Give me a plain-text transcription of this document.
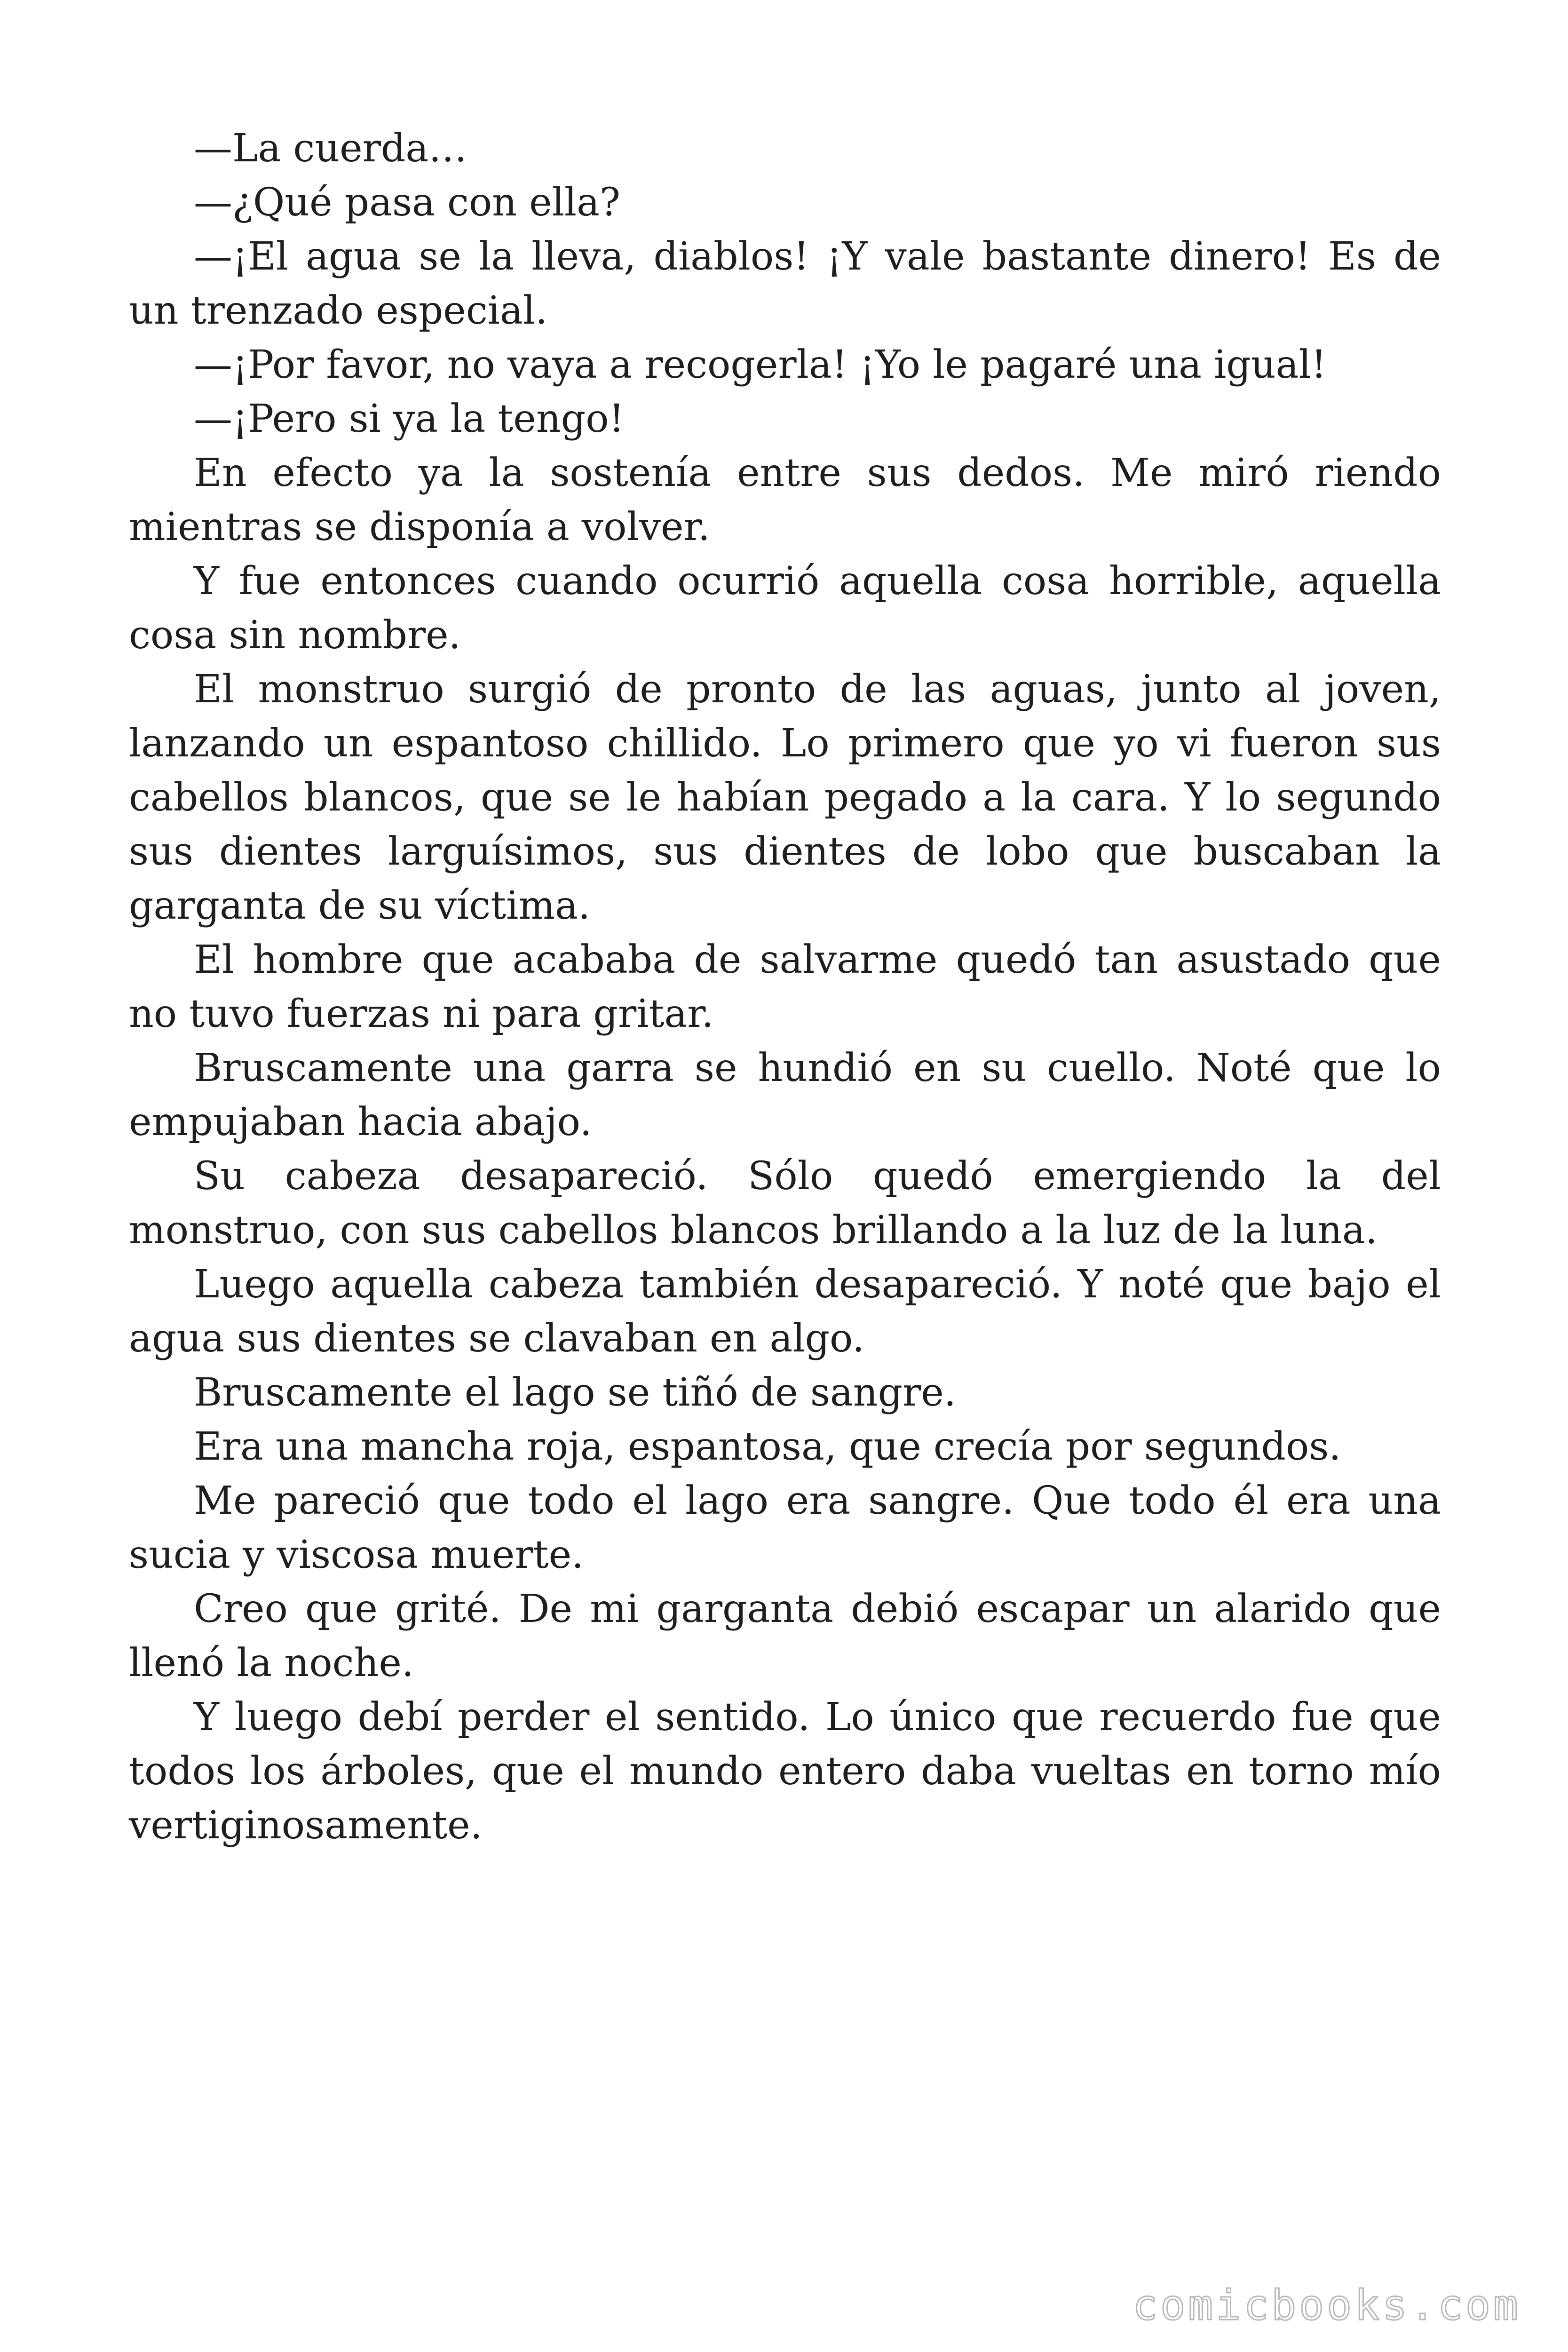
—La cuerda…

—¿Qué pasa con ella?

—¡El agua se la lleva, diablos! ¡Y vale bastante dinero! Es de un trenzado especial.

—¡Por favor, no vaya a recogerla! ¡Yo le pagaré una igual!

—¡Pero si ya la tengo!

En efecto ya la sostenía entre sus dedos. Me miró riendo mientras se disponía a volver.

Y fue entonces cuando ocurrió aquella cosa horrible, aquella cosa sin nombre.

El monstruo surgió de pronto de las aguas, junto al joven, lanzando un espantoso chillido. Lo primero que yo vi fueron sus cabellos blancos, que se le habían pegado a la cara. Y lo segundo sus dientes larguísimos, sus dientes de lobo que buscaban la garganta de su víctima.

El hombre que acababa de salvarme quedó tan asustado que no tuvo fuerzas ni para gritar.

Bruscamente una garra se hundió en su cuello. Noté que lo empujaban hacia abajo.

Su cabeza desapareció. Sólo quedó emergiendo la del monstruo, con sus cabellos blancos brillando a la luz de la luna.

Luego aquella cabeza también desapareció. Y noté que bajo el agua sus dientes se clavaban en algo.

Bruscamente el lago se tiñó de sangre.

Era una mancha roja, espantosa, que crecía por segundos.

Me pareció que todo el lago era sangre. Que todo él era una sucia y viscosa muerte.

Creo que grité. De mi garganta debió escapar un alarido que llenó la noche.

Y luego debí perder el sentido. Lo único que recuerdo fue que todos los árboles, que el mundo entero daba vueltas en torno mío vertiginosamente.

comicbooks.com
